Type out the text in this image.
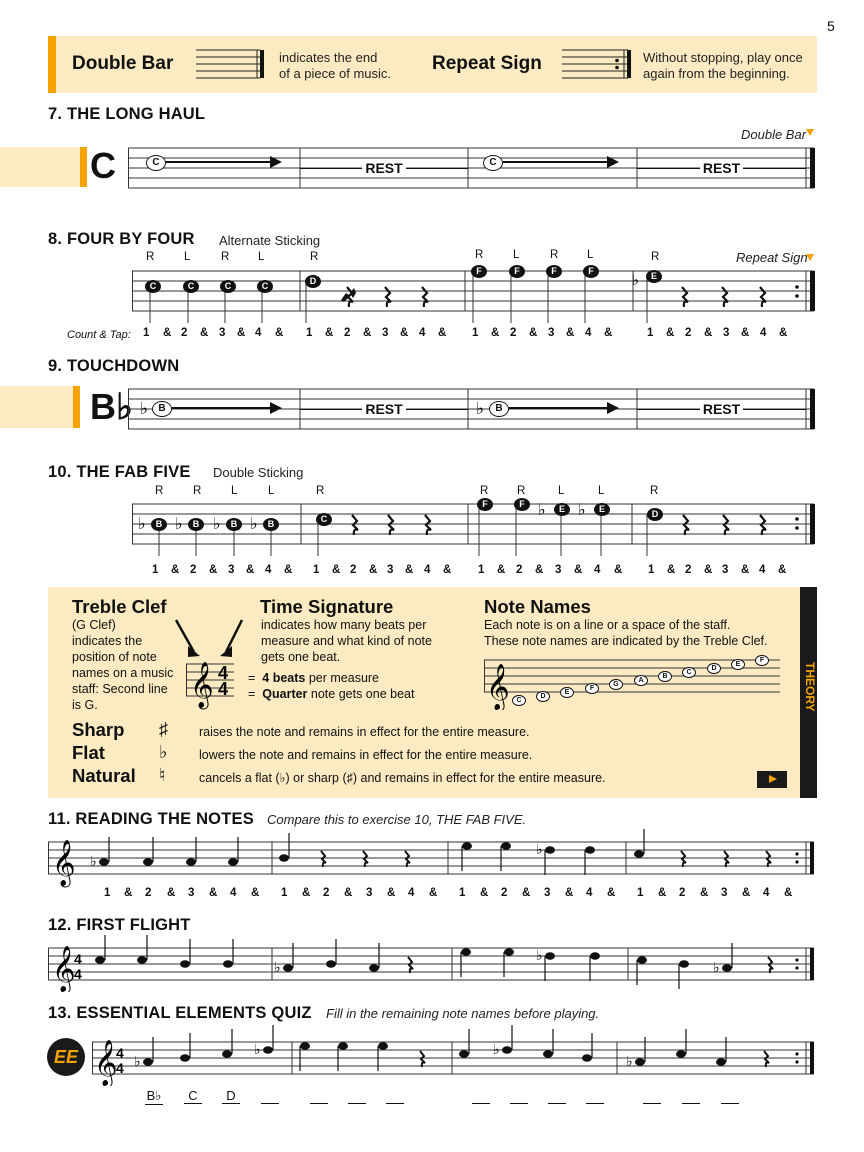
5
Double Bar	indicates the end
of a piece of music. Repeat Sign	Without stopping, play once
again from the beginning.
7. THE LONG HAUL
Double Bar
C	C	REST	C	REST
8. FOUR BY FOUR Alternate Sticking
Repeat Sign
R	L	R L	R	R	L	R L	R
♭
C	C	C	C	D
F	F	F	F	E
Count & Tap: 1 & 2 & 3 & 4 & 1 & 2 & 3 & 4 & 1 & 2 & 3 & 4 &	1 & 2 & 3 & 4 &
9. TOUCHDOWN
B♭ ♭	♭
B	REST	B	REST
10. THE FAB FIVE Double Sticking
R	R	L	L	R	R R	L	L	R
♭ ♭ ♭ ♭
♭ ♭
B	B	B	B	C
F	F	E	E	D
1 & 2 & 3 & 4 & 1 & 2 & 3 & 4 & 1 & 2 & 3 & 4 & 1 & 2 & 3 & 4 &
THEORY
Treble Clef
(G Clef)
indicates the
position of note
names on a music
staff: Second line
is G.	𝄞 4
4
Time Signature
indicates how many beats per
measure and what kind of note
gets one beat.
= 4 beats per measure
= Quarter note gets one beat
Note Names
Each note is on a line or a space of the staff.
These note names are indicated by the Treble Clef.
𝄞 C
D
E
F
G
A
B
C
D
E
F
Sharp ♯ raises the note and remains in effect for the entire measure.
Flat	♭	lowers the note and remains in effect for the entire measure.
Natural ♮	cancels a flat (♭) or sharp (♯) and remains in effect for the entire measure.
11. READING THE NOTES Compare this to exercise 10, THE FAB FIVE.
𝄞 ♭
♭
1 & 2 & 3 & 4 & 1 & 2 & 3 & 4 & 1 & 2 & 3 & 4 & 1 & 2 & 3 & 4 &
12. FIRST FLIGHT
𝄞
4
4	♭
♭
♭
13. ESSENTIAL ELEMENTS QUIZ Fill in the remaining note names before playing.
EE 𝄞
4
4 ♭
♭	♭
♭
B♭	C	D
